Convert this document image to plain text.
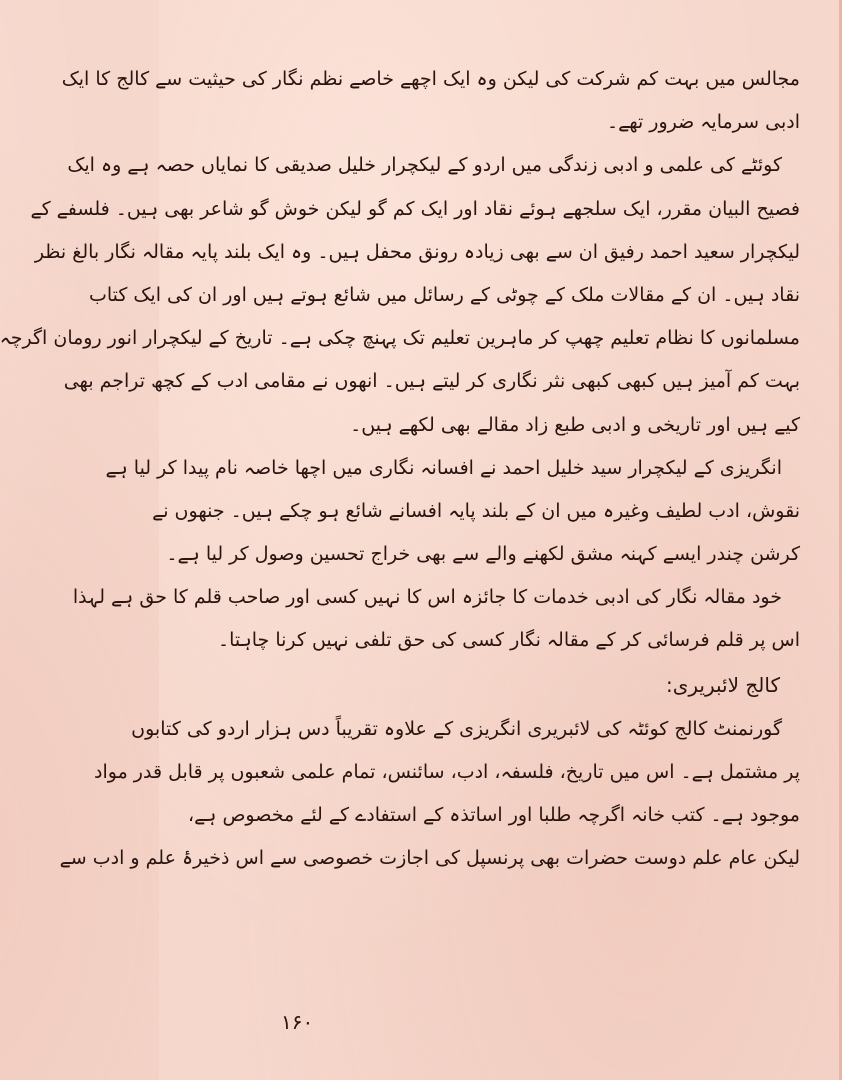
مجالس میں بہت کم شرکت کی لیکن وہ ایک اچھے خاصے نظم نگار کی حیثیت سے کالج کا ایک
ادبی سرمایہ ضرور تھے۔
کوئٹے کی علمی و ادبی زندگی میں اردو کے لیکچرار خلیل صدیقی کا نمایاں حصہ ہے وہ ایک
فصیح البیان مقرر، ایک سلجھے ہوئے نقاد اور ایک کم گو لیکن خوش گو شاعر بھی ہیں۔ فلسفے کے
لیکچرار سعید احمد رفیق ان سے بھی زیادہ رونق محفل ہیں۔ وہ ایک بلند پایہ مقالہ نگار بالغ نظر
نقاد ہیں۔ ان کے مقالات ملک کے چوٹی کے رسائل میں شائع ہوتے ہیں اور ان کی ایک کتاب
مسلمانوں کا نظام تعلیم چھپ کر ماہرین تعلیم تک پہنچ چکی ہے۔ تاریخ کے لیکچرار انور رومان اگرچہ
بہت کم آمیز ہیں کبھی کبھی نثر نگاری کر لیتے ہیں۔ انھوں نے مقامی ادب کے کچھ تراجم بھی
کیے ہیں اور تاریخی و ادبی طبع زاد مقالے بھی لکھے ہیں۔
انگریزی کے لیکچرار سید خلیل احمد نے افسانہ نگاری میں اچھا خاصہ نام پیدا کر لیا ہے
نقوش، ادب لطیف وغیرہ میں ان کے بلند پایہ افسانے شائع ہو چکے ہیں۔ جنھوں نے
کرشن چندر ایسے کہنہ مشق لکھنے والے سے بھی خراج تحسین وصول کر لیا ہے۔
خود مقالہ نگار کی ادبی خدمات کا جائزہ اس کا نہیں کسی اور صاحب قلم کا حق ہے لہذا
اس پر قلم فرسائی کر کے مقالہ نگار کسی کی حق تلفی نہیں کرنا چاہتا۔
کالج لائبریری:
گورنمنٹ کالج کوئٹہ کی لائبریری انگریزی کے علاوہ تقریباً دس ہزار اردو کی کتابوں
پر مشتمل ہے۔ اس میں تاریخ، فلسفہ، ادب، سائنس، تمام علمی شعبوں پر قابل قدر مواد
موجود ہے۔ کتب خانہ اگرچہ طلبا اور اساتذہ کے استفادے کے لئے مخصوص ہے،
لیکن عام علم دوست حضرات بھی پرنسپل کی اجازت خصوصی سے اس ذخیرۂ علم و ادب سے
۱۶۰
